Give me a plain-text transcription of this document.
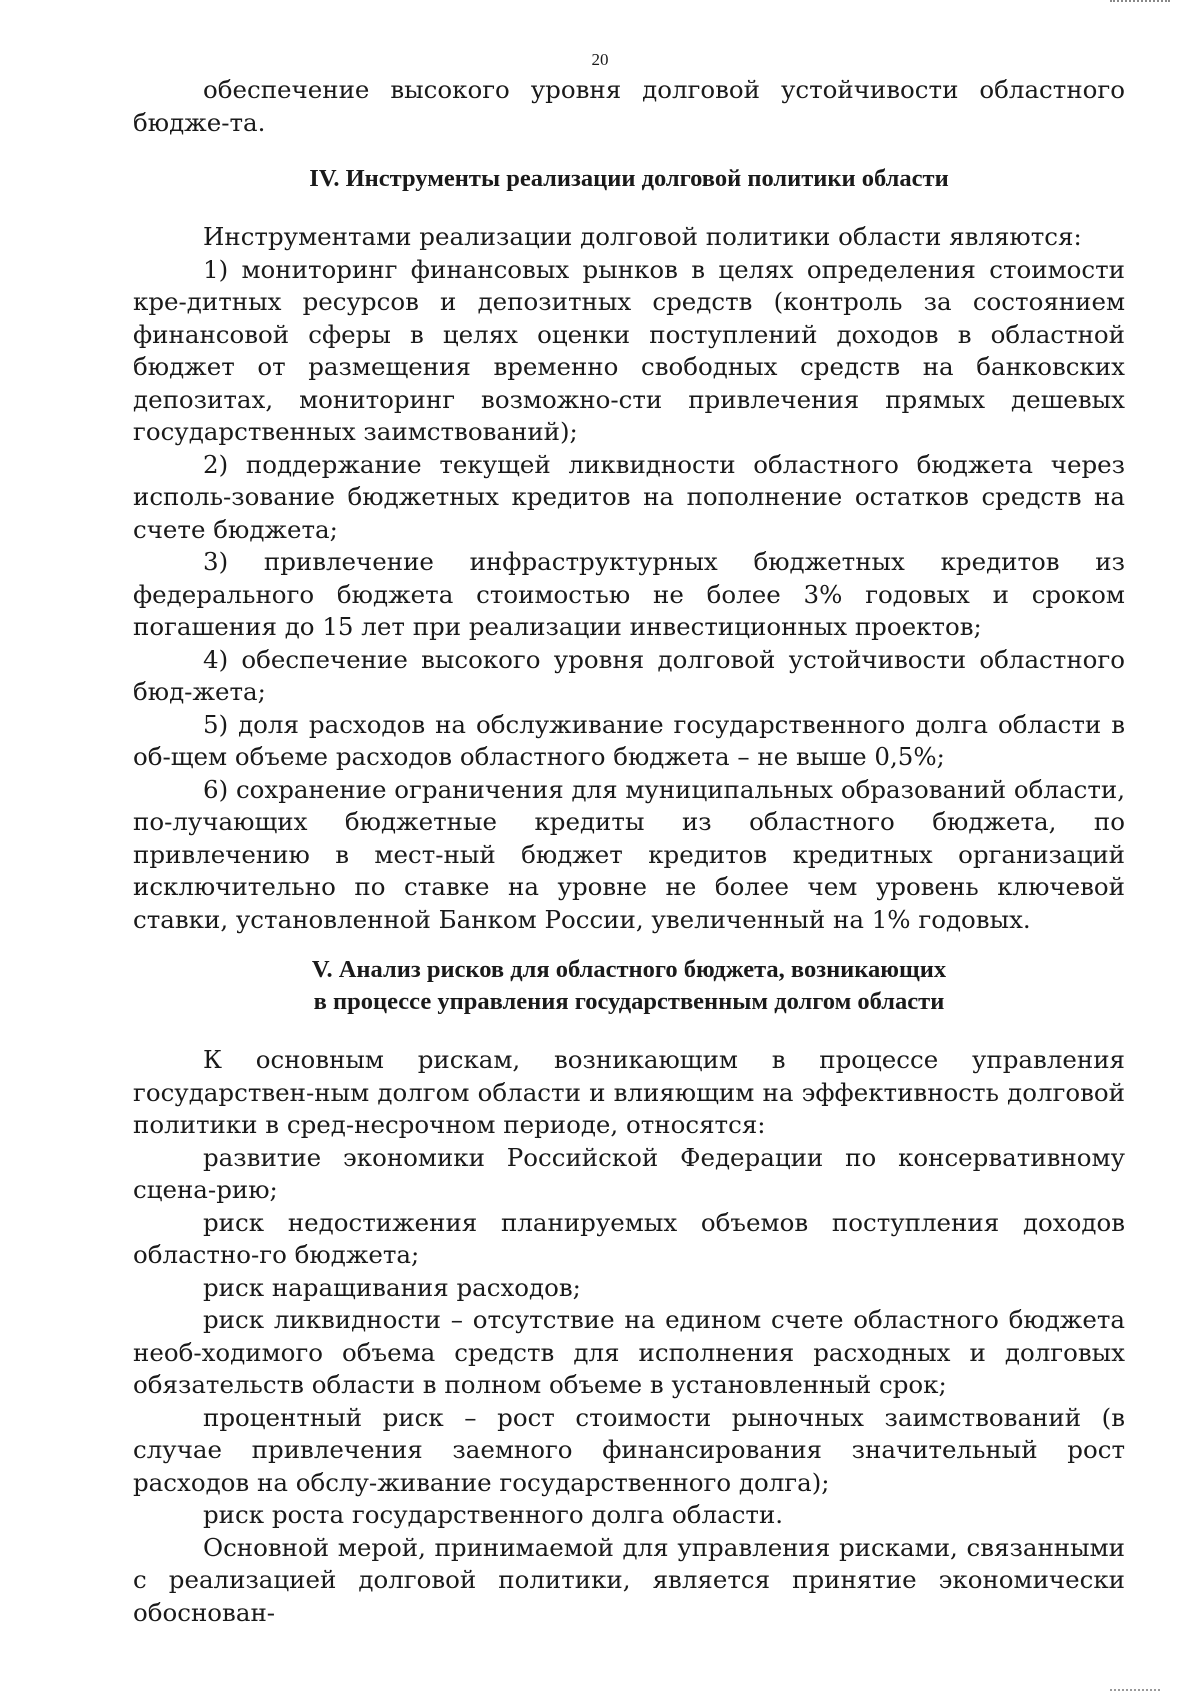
20

обеспечение высокого уровня долговой устойчивости областного бюдже-та.

IV. Инструменты реализации долговой политики области

Инструментами реализации долговой политики области являются:

1) мониторинг финансовых рынков в целях определения стоимости кре-дитных ресурсов и депозитных средств (контроль за состоянием финансовой сферы в целях оценки поступлений доходов в областной бюджет от размещения временно свободных средств на банковских депозитах, мониторинг возможно-сти привлечения прямых дешевых государственных заимствований);

2) поддержание текущей ликвидности областного бюджета через исполь-зование бюджетных кредитов на пополнение остатков средств на счете бюджета;

3) привлечение инфраструктурных бюджетных кредитов из федерального бюджета стоимостью не более 3% годовых и сроком погашения до 15 лет при реализации инвестиционных проектов;

4) обеспечение высокого уровня долговой устойчивости областного бюд-жета;

5) доля расходов на обслуживание государственного долга области в об-щем объеме расходов областного бюджета – не выше 0,5%;

6) сохранение ограничения для муниципальных образований области, по-лучающих бюджетные кредиты из областного бюджета, по привлечению в мест-ный бюджет кредитов кредитных организаций исключительно по ставке на уровне не более чем уровень ключевой ставки, установленной Банком России, увеличенный на 1% годовых.

V. Анализ рисков для областного бюджета, возникающих
в процессе управления государственным долгом области

К основным рискам, возникающим в процессе управления государствен-ным долгом области и влияющим на эффективность долговой политики в сред-несрочном периоде, относятся:

развитие экономики Российской Федерации по консервативному сцена-рию;

риск недостижения планируемых объемов поступления доходов областно-го бюджета;

риск наращивания расходов;

риск ликвидности – отсутствие на едином счете областного бюджета необ-ходимого объема средств для исполнения расходных и долговых обязательств области в полном объеме в установленный срок;

процентный риск – рост стоимости рыночных заимствований (в случае привлечения заемного финансирования значительный рост расходов на обслу-живание государственного долга);

риск роста государственного долга области.

Основной мерой, принимаемой для управления рисками, связанными с реализацией долговой политики, является принятие экономически обоснован-
